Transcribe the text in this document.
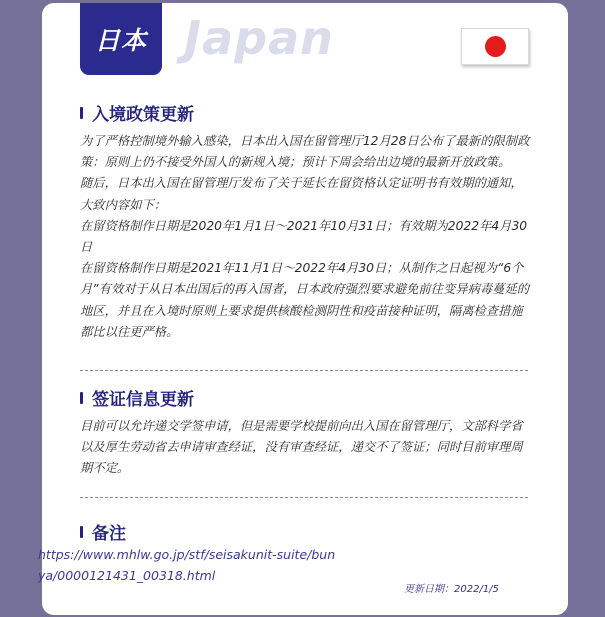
日本 Japan
入境政策更新

为了严格控制境外输入感染，日本出入国在留管理厅12月28日公布了最新的限制政策：原则上仍不接受外国人的新规入境；预计下周会给出边境的最新开放政策。

随后，日本出入国在留管理厅发布了关于延长在留资格认定证明书有效期的通知，大致内容如下：

在留资格制作日期是2020年1月1日～2021年10月31日；有效期为2022年4月30日

在留资格制作日期是2021年11月1日～2022年4月30日；从制作之日起视为“6个月”有效对于从日本出国后的再入国者，日本政府强烈要求避免前往变异病毒蔓延的地区，并且在入境时原则上要求提供核酸检测阴性和疫苗接种证明，隔离检查措施都比以往更严格。

签证信息更新

目前可以允许递交学签申请，但是需要学校提前向出入国在留管理厅，文部科学省以及厚生劳动省去申请审查经证，没有审查经证，递交不了签证；同时目前审理周期不定。

备注
https://www.mhlw.go.jp/stf/seisakunit-suite/bunya/0000121431_00318.html
更新日期：2022/1/5
